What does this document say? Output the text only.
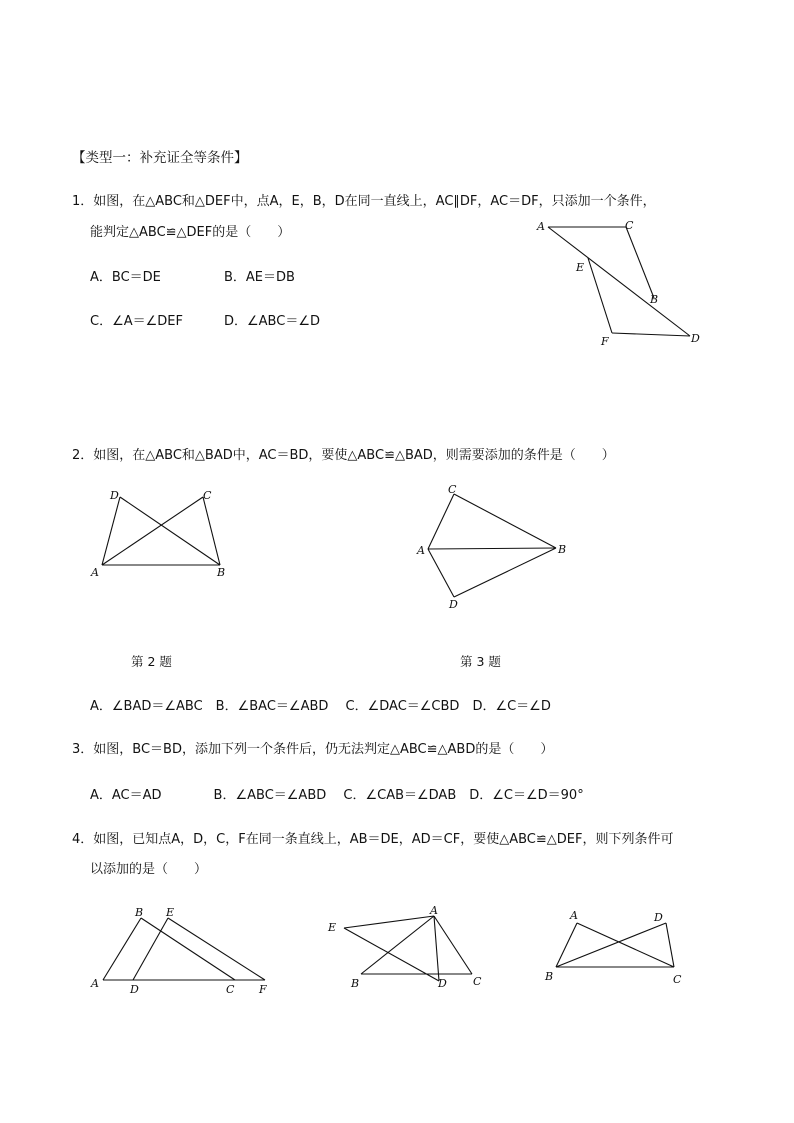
【类型一：补充证全等条件】
1．如图，在△ABC和△DEF中，点A，E，B，D在同一直线上，AC∥DF，AC＝DF，只添加一个条件，
能判定△ABC≌△DEF的是（　　）
A．BC＝DE	B．AE＝DB
C．∠A＝∠DEF	D．∠ABC＝∠D
A	C
E
B
F	D
2．如图，在△ABC和△BAD中，AC＝BD，要使△ABC≌△BAD，则需要添加的条件是（　　）
D	C
A	B
C
A	B
D
第 2 题	第 3 题
A．∠BAD＝∠ABC　B．∠BAC＝∠ABD　 C．∠DAC＝∠CBD　D．∠C＝∠D
3．如图，BC＝BD，添加下列一个条件后，仍无法判定△ABC≌△ABD的是（　　）
A．AC＝AD　　　　B．∠ABC＝∠ABD　 C．∠CAB＝∠DAB　D．∠C＝∠D＝90°
4．如图，已知点A，D，C，F在同一条直线上，AB＝DE，AD＝CF，要使△ABC≌△DEF，则下列条件可
以添加的是（　　）
B E
A	D	C F
E
A
B	D C
A	D
B	C
